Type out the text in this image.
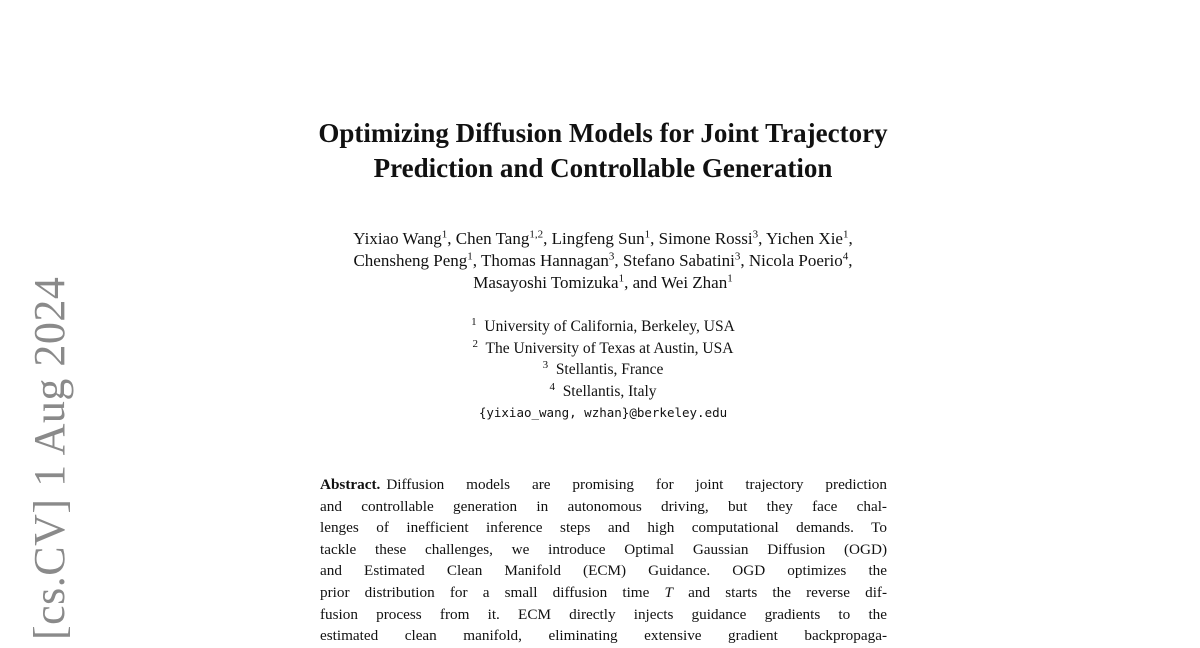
[cs.CV] 1 Aug 2024
Optimizing Diffusion Models for Joint Trajectory
Prediction and Controllable Generation
Yixiao Wang$^1$, Chen Tang$^{1,2}$, Lingfeng Sun$^1$, Simone Rossi$^3$, Yichen Xie$^1$,
Chensheng Peng$^1$, Thomas Hannagan$^3$, Stefano Sabatini$^3$, Nicola Poerio$^4$,
Masayoshi Tomizuka$^1$, and Wei Zhan$^1$
$^1$ University of California, Berkeley, USA
$^2$ The University of Texas at Austin, USA
$^3$ Stellantis, France
$^4$ Stellantis, Italy
{yixiao_wang, wzhan}@berkeley.edu
Abstract. Diffusion models are promising for joint trajectory prediction
and controllable generation in autonomous driving, but they face chal-
lenges of inefficient inference steps and high computational demands. To
tackle these challenges, we introduce Optimal Gaussian Diffusion (OGD)
and Estimated Clean Manifold (ECM) Guidance. OGD optimizes the
prior distribution for a small diffusion time T and starts the reverse dif-
fusion process from it. ECM directly injects guidance gradients to the
estimated clean manifold, eliminating extensive gradient backpropaga-
